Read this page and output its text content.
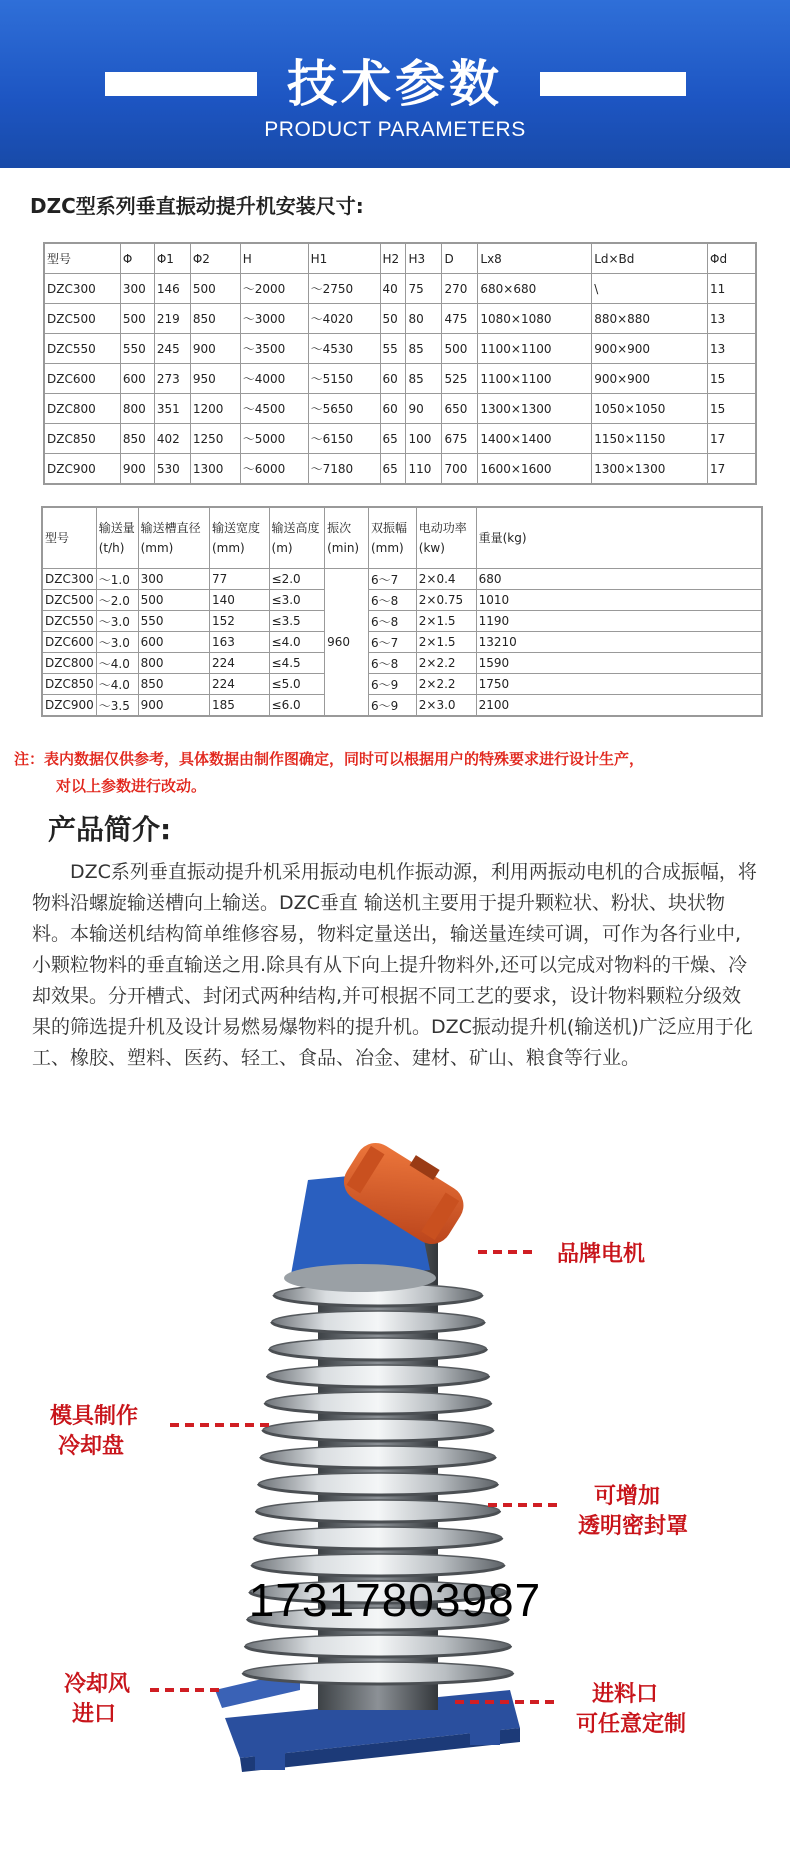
技术参数
PRODUCT PARAMETERS
DZC型系列垂直振动提升机安装尺寸:
型号	Φ	Φ1	Φ2	H	H1	H2	H3	D	Lx8	Ld×Bd	Φd
DZC300	300	146	500	～2000	～2750	40	75	270	680×680	\	11
DZC500	500	219	850	～3000	～4020	50	80	475	1080×1080	880×880	13
DZC550	550	245	900	～3500	～4530	55	85	500	1100×1100	900×900	13
DZC600	600	273	950	～4000	～5150	60	85	525	1100×1100	900×900	15
DZC800	800	351	1200	～4500	～5650	60	90	650	1300×1300	1050×1050	15
DZC850	850	402	1250	～5000	～6150	65	100	675	1400×1400	1150×1150	17
DZC900	900	530	1300	～6000	～7180	65	110	700	1600×1600	1300×1300	17
型号	输送量(t/h)	输送槽直径(mm)	输送宽度(mm)	输送高度(m)	振次(min)	双振幅(mm)	电动功率(kw)	重量(kg)
DZC300	～1.0	300	77	≤2.0	960	6～7	2×0.4	680
DZC500	～2.0	500	140	≤3.0		6～8	2×0.75	1010
DZC550	～3.0	550	152	≤3.5		6～8	2×1.5	1190
DZC600	～3.0	600	163	≤4.0		6～7	2×1.5	13210
DZC800	～4.0	800	224	≤4.5		6～8	2×2.2	1590
DZC850	～4.0	850	224	≤5.0		6～9	2×2.2	1750
DZC900	～3.5	900	185	≤6.0		6～9	2×3.0	2100
注：表内数据仅供参考，具体数据由制作图确定，同时可以根据用户的特殊要求进行设计生产，
对以上参数进行改动。
产品简介:

DZC系列垂直振动提升机采用振动电机作振动源，利用两振动电机的合成振幅，将物料沿螺旋输送槽向上输送。DZC垂直 输送机主要用于提升颗粒状、粉状、块状物料。本输送机结构简单维修容易，物料定量送出，输送量连续可调，可作为各行业中,小颗粒物料的垂直输送之用.除具有从下向上提升物料外,还可以完成对物料的干燥、冷却效果。分开槽式、封闭式两种结构,并可根据不同工艺的要求，设计物料颗粒分级效果的筛选提升机及设计易燃易爆物料的提升机。DZC振动提升机(输送机)广泛应用于化工、橡胶、塑料、医药、轻工、食品、冶金、建材、矿山、粮食等行业。

品牌电机
模具制作
冷却盘
可增加
透明密封罩
冷却风
进口
进料口
可任意定制
17317803987
